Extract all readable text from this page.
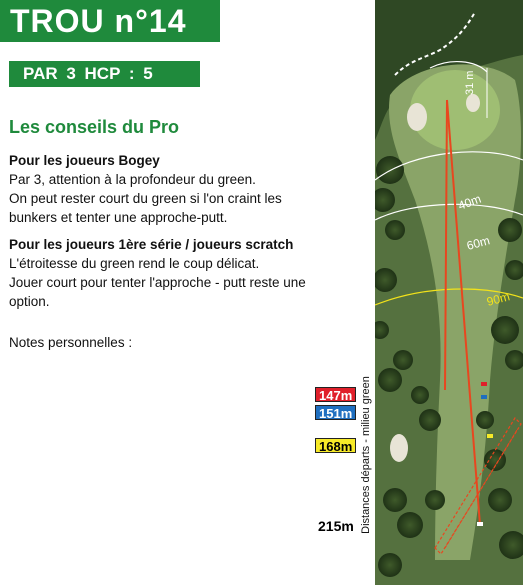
TROU n°14
PAR 3 HCP : 5
Les conseils du Pro
Pour les joueurs Bogey

Par 3, attention à la profondeur du green.
On peut rester court du green si l'on craint les bunkers et tenter une approche-putt.

Pour les joueurs 1ère série / joueurs scratch

L'étroitesse du green rend le coup délicat.
Jouer court pour tenter l'approche - putt reste une option.

Notes personnelles :
147m
151m
168m
215m Distances départs - milieu green
31 m
40m
60m
90m
